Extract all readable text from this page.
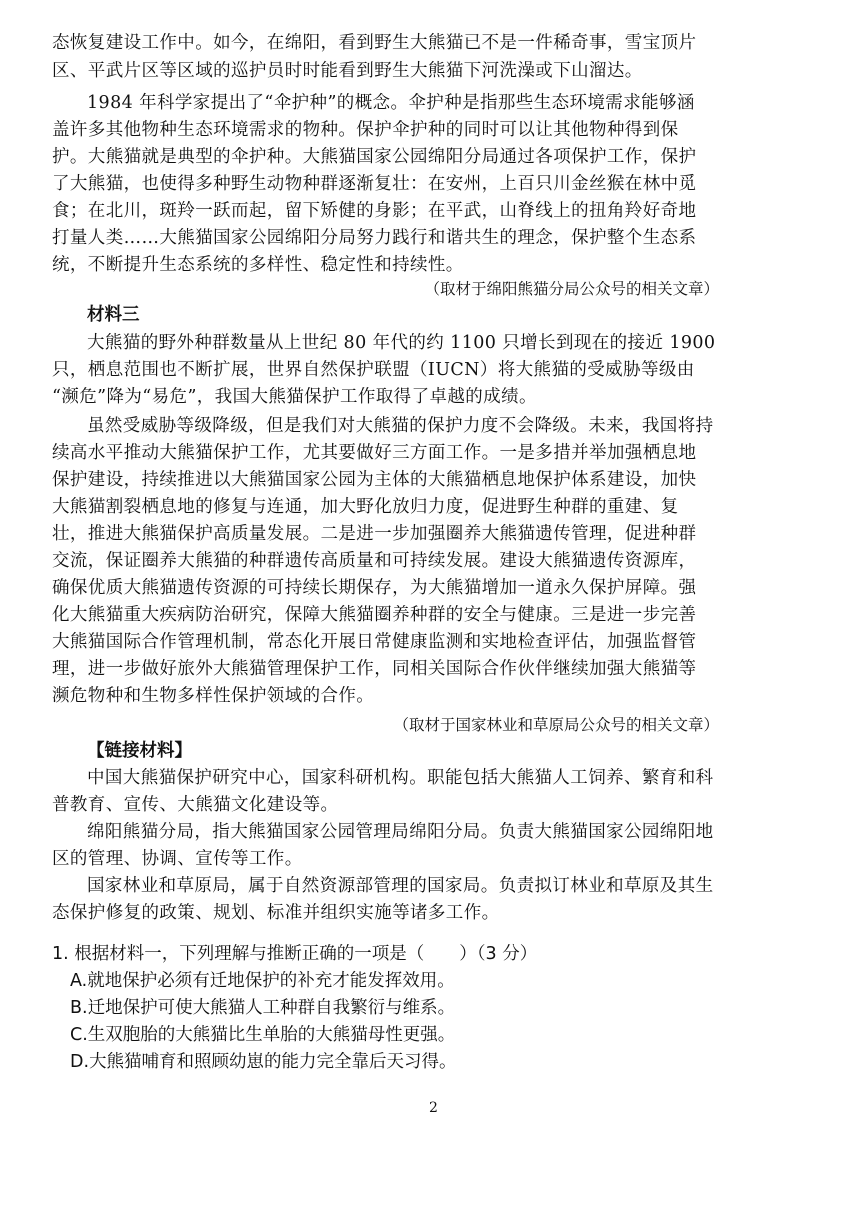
态恢复建设工作中。如今，在绵阳，看到野生大熊猫已不是一件稀奇事，雪宝顶片
区、平武片区等区域的巡护员时时能看到野生大熊猫下河洗澡或下山溜达。
1984 年科学家提出了“伞护种”的概念。伞护种是指那些生态环境需求能够涵
盖许多其他物种生态环境需求的物种。保护伞护种的同时可以让其他物种得到保
护。大熊猫就是典型的伞护种。大熊猫国家公园绵阳分局通过各项保护工作，保护
了大熊猫，也使得多种野生动物种群逐渐复壮：在安州，上百只川金丝猴在林中觅
食；在北川，斑羚一跃而起，留下矫健的身影；在平武，山脊线上的扭角羚好奇地
打量人类……大熊猫国家公园绵阳分局努力践行和谐共生的理念，保护整个生态系
统，不断提升生态系统的多样性、稳定性和持续性。
（取材于绵阳熊猫分局公众号的相关文章）
材料三
大熊猫的野外种群数量从上世纪 80 年代的约 1100 只增长到现在的接近 1900
只，栖息范围也不断扩展，世界自然保护联盟（IUCN）将大熊猫的受威胁等级由
“濒危”降为“易危”，我国大熊猫保护工作取得了卓越的成绩。
虽然受威胁等级降级，但是我们对大熊猫的保护力度不会降级。未来，我国将持
续高水平推动大熊猫保护工作，尤其要做好三方面工作。一是多措并举加强栖息地
保护建设，持续推进以大熊猫国家公园为主体的大熊猫栖息地保护体系建设，加快
大熊猫割裂栖息地的修复与连通，加大野化放归力度，促进野生种群的重建、复
壮，推进大熊猫保护高质量发展。二是进一步加强圈养大熊猫遗传管理，促进种群
交流，保证圈养大熊猫的种群遗传高质量和可持续发展。建设大熊猫遗传资源库，
确保优质大熊猫遗传资源的可持续长期保存，为大熊猫增加一道永久保护屏障。强
化大熊猫重大疾病防治研究，保障大熊猫圈养种群的安全与健康。三是进一步完善
大熊猫国际合作管理机制，常态化开展日常健康监测和实地检查评估，加强监督管
理，进一步做好旅外大熊猫管理保护工作，同相关国际合作伙伴继续加强大熊猫等
濒危物种和生物多样性保护领域的合作。
（取材于国家林业和草原局公众号的相关文章）
【链接材料】
中国大熊猫保护研究中心，国家科研机构。职能包括大熊猫人工饲养、繁育和科
普教育、宣传、大熊猫文化建设等。
绵阳熊猫分局，指大熊猫国家公园管理局绵阳分局。负责大熊猫国家公园绵阳地
区的管理、协调、宣传等工作。
国家林业和草原局，属于自然资源部管理的国家局。负责拟订林业和草原及其生
态保护修复的政策、规划、标准并组织实施等诸多工作。
1. 根据材料一，下列理解与推断正确的一项是（　　）（3 分）
A.就地保护必须有迁地保护的补充才能发挥效用。
B.迁地保护可使大熊猫人工种群自我繁衍与维系。
C.生双胞胎的大熊猫比生单胎的大熊猫母性更强。
D.大熊猫哺育和照顾幼崽的能力完全靠后天习得。
2
